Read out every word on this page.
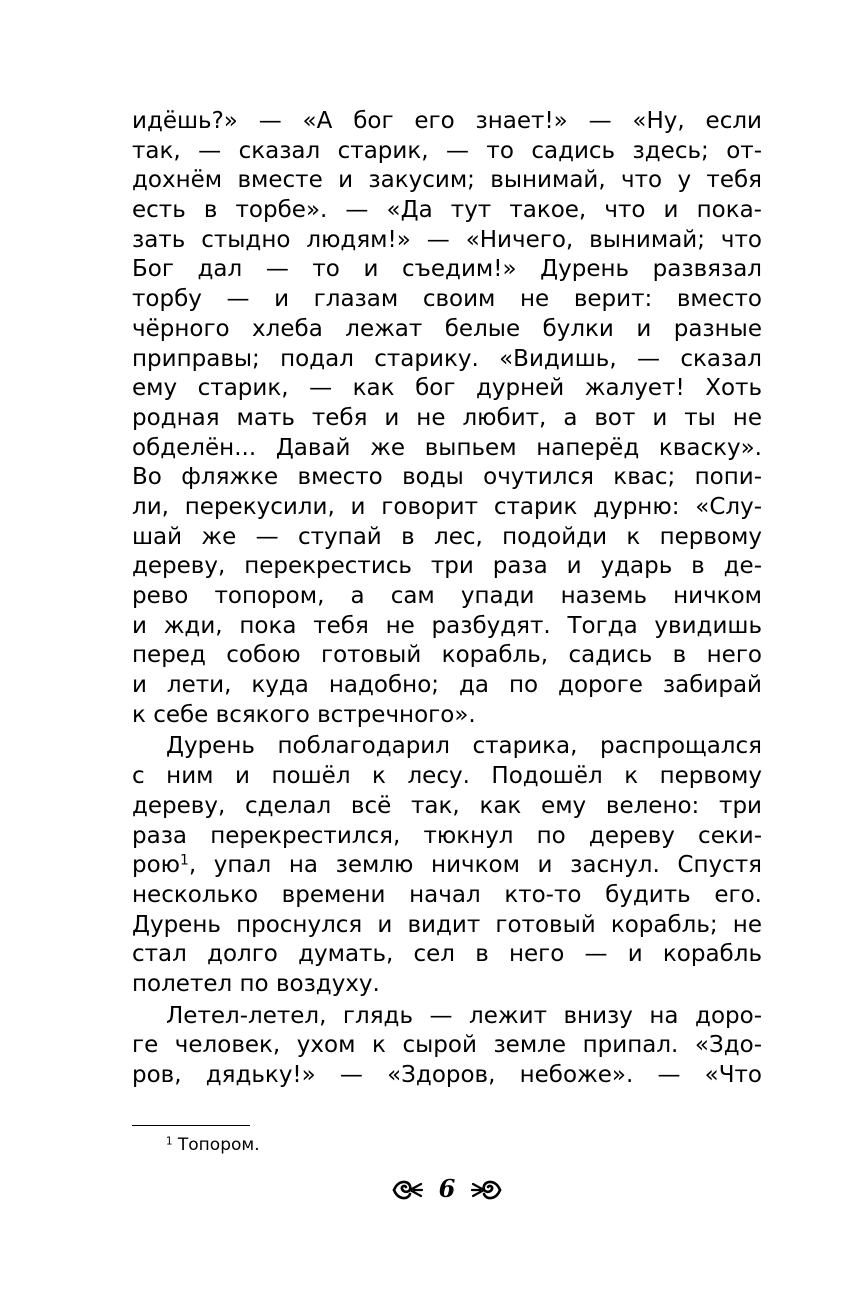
идёшь?» — «А бог его знает!» — «Ну, если
так, — сказал старик, — то садись здесь; от-
дохнём вместе и закусим; вынимай, что у тебя
есть в торбе». — «Да тут такое, что и пока-
зать стыдно людям!» — «Ничего, вынимай; что
Бог дал — то и съедим!» Дурень развязал
торбу — и глазам своим не верит: вместо
чёрного хлеба лежат белые булки и разные
приправы; подал старику. «Видишь, — сказал
ему старик, — как бог дурней жалует! Хоть
родная мать тебя и не любит, а вот и ты не
обделён... Давай же выпьем наперёд кваску».
Во фляжке вместо воды очутился квас; попи-
ли, перекусили, и говорит старик дурню: «Слу-
шай же — ступай в лес, подойди к первому
дереву, перекрестись три раза и ударь в де-
рево топором, а сам упади наземь ничком
и жди, пока тебя не разбудят. Тогда увидишь
перед собою готовый корабль, садись в него
и лети, куда надобно; да по дороге забирай
к себе всякого встречного».
Дурень поблагодарил старика, распрощался
с ним и пошёл к лесу. Подошёл к первому
дереву, сделал всё так, как ему велено: три
раза перекрестился, тюкнул по дереву секи-
рою$^1$, упал на землю ничком и заснул. Спустя
несколько времени начал кто-то будить его.
Дурень проснулся и видит готовый корабль; не
стал долго думать, сел в него — и корабль
полетел по воздуху.
Летел-летел, глядь — лежит внизу на доро-
ге человек, ухом к сырой земле припал. «Здо-
ров, дядьку!» — «Здоров, небоже». — «Что
$^1$ Топором.
6
